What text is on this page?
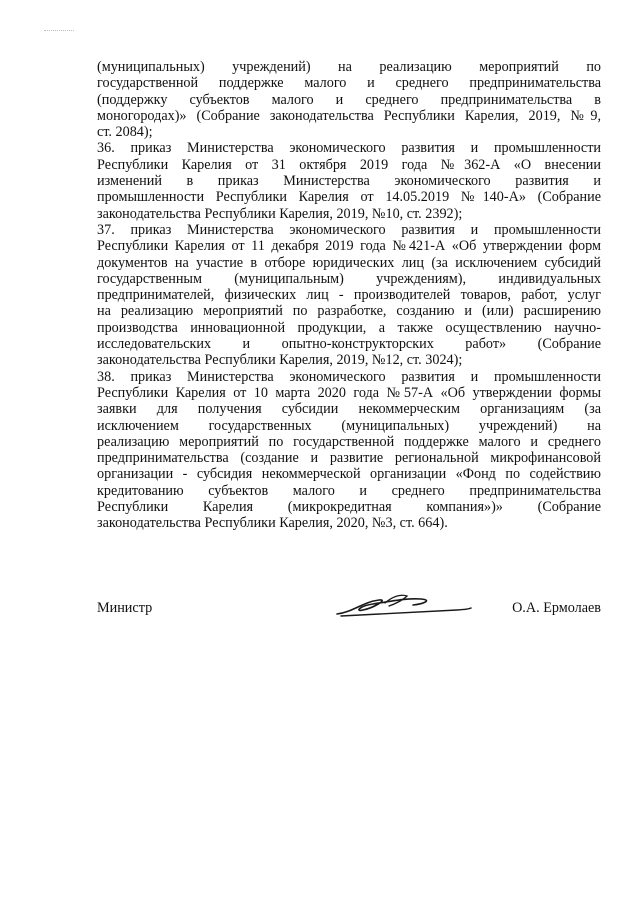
(муниципальных) учреждений) на реализацию мероприятий по
государственной поддержке малого и среднего предпринимательства
(поддержку субъектов малого и среднего предпринимательства в
моногородах)» (Собрание законодательства Республики Карелия, 2019, №9,
ст. 2084);
36. приказ Министерства экономического развития и промышленности
Республики Карелия от 31 октября 2019 года №362-А «О внесении
изменений в приказ Министерства экономического развития и
промышленности Республики Карелия от 14.05.2019 №140-А» (Собрание
законодательства Республики Карелия, 2019, №10, ст. 2392);
37. приказ Министерства экономического развития и промышленности
Республики Карелия от 11 декабря 2019 года №421-А «Об утверждении форм
документов на участие в отборе юридических лиц (за исключением субсидий
государственным (муниципальным) учреждениям), индивидуальных
предпринимателей, физических лиц - производителей товаров, работ, услуг
на реализацию мероприятий по разработке, созданию и (или) расширению
производства инновационной продукции, а также осуществлению научно-
исследовательских и опытно-конструкторских работ» (Собрание
законодательства Республики Карелия, 2019, №12, ст. 3024);
38. приказ Министерства экономического развития и промышленности
Республики Карелия от 10 марта 2020 года №57-А «Об утверждении формы
заявки для получения субсидии некоммерческим организациям (за
исключением государственных (муниципальных) учреждений) на
реализацию мероприятий по государственной поддержке малого и среднего
предпринимательства (создание и развитие региональной микрофинансовой
организации - субсидия некоммерческой организации «Фонд по содействию
кредитованию субъектов малого и среднего предпринимательства
Республики Карелия (микрокредитная компания»)» (Собрание
законодательства Республики Карелия, 2020, №3, ст. 664).
Министр	О.А. Ермолаев
